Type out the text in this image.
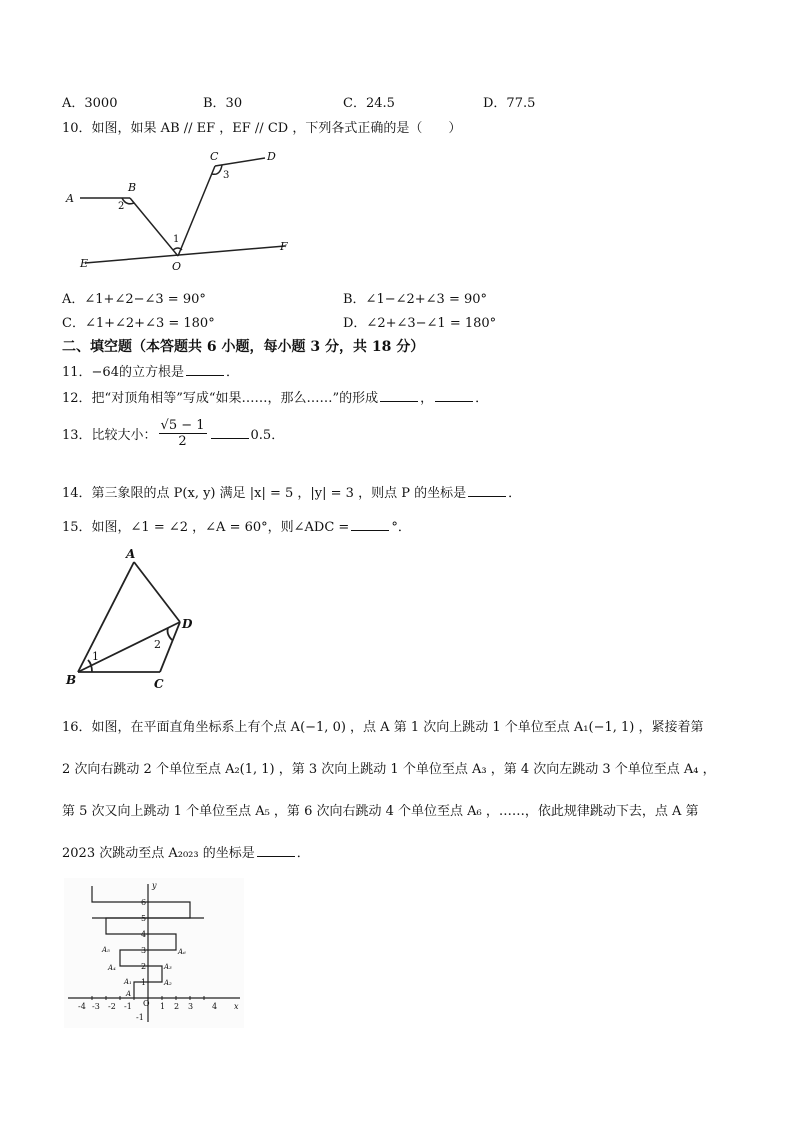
A．3000	B．30	C．24.5	D．77.5
10．如图，如果 AB // EF ，EF // CD ，下列各式正确的是（　　）
A
B
C	D
E
F
O
1
2
3
A．∠1+∠2−∠3 = 90°	B．∠1−∠2+∠3 = 90°
C．∠1+∠2+∠3 = 180°	D．∠2+∠3−∠1 = 180°
二、填空题（本答题共 6 小题，每小题 3 分，共 18 分）
11．−64的立方根是	．
12．把“对顶角相等”写成“如果……，那么……”的形成	，	．
13．比较大小： $\frac{√5 - 1}{2}$	0.5．
14．第三象限的点 P(x, y) 满足 |x| = 5 ，|y| = 3 ，则点 P 的坐标是	．
15．如图，∠1 = ∠2 ，∠A = 60°，则∠ADC =	°．
A
B	C
D
1
2
16．如图，在平面直角坐标系上有个点 A(−1, 0) ，点 A 第 1 次向上跳动 1 个单位至点 A₁(−1, 1) ，紧接着第
2 次向右跳动 2 个单位至点 A₂(1, 1) ，第 3 次向上跳动 1 个单位至点 A₃ ，第 4 次向左跳动 3 个单位至点 A₄ ，
第 5 次又向上跳动 1 个单位至点 A₅ ，第 6 次向右跳动 4 个单位至点 A₆ ，……，依此规律跳动下去，点 A 第
2023 次跳动至点 A₂₀₂₃ 的坐标是	．
-4 -3 -2 -1	1 2 3 4
-1
1
2
3
4
5
6
x
y
O
A
A₁	A₂
A₃
A₄
A₅	A₆
